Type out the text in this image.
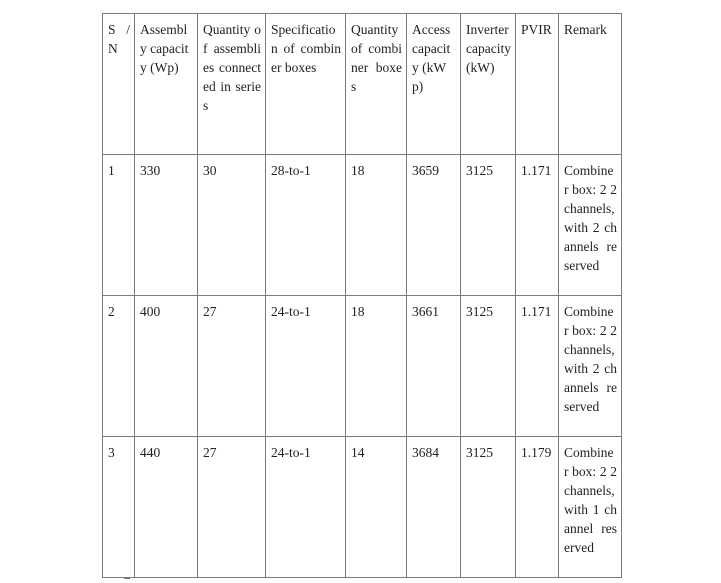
S / N	Assembly capacity (Wp)	Quantity of assemblies connected in series	Specification of combiner boxes	Quantity of combiner boxes	Access capacity (kWp)	Inverter capacity (kW)	PVIR	Remark
1	330	30	28-to-1	18	3659	3125	1.171	Combiner box: 2 2 channels, with 2 channels reserved
2	400	27	24-to-1	18	3661	3125	1.171	Combiner box: 2 2 channels, with 2 channels reserved
3	440	27	24-to-1	14	3684	3125	1.179	Combiner box: 2 2 channels, with 1 channel reserved
